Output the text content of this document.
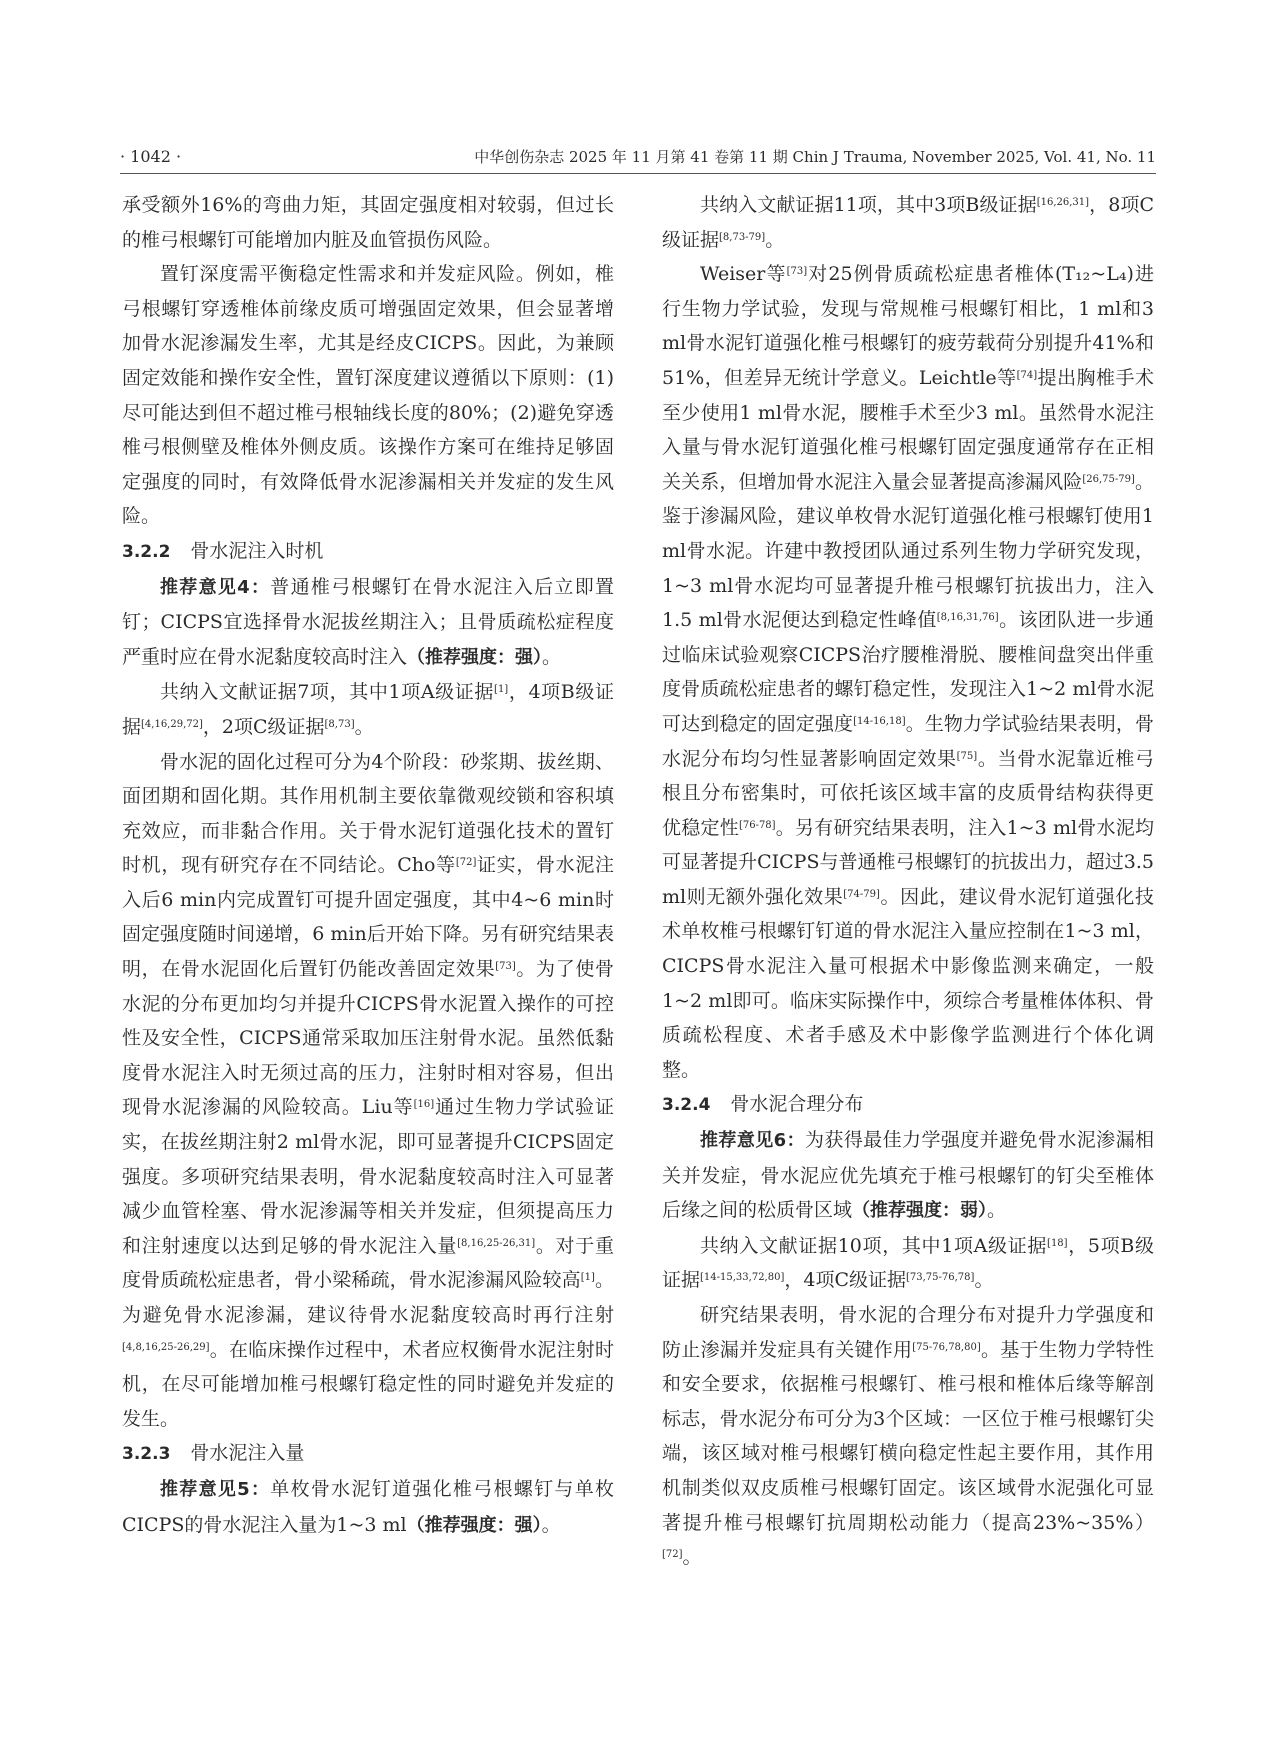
· 1042 ·	中华创伤杂志 2025 年 11 月第 41 卷第 11 期 Chin J Trauma, November 2025, Vol. 41, No. 11

承受额外16%的弯曲力矩，其固定强度相对较弱，但过长的椎弓根螺钉可能增加内脏及血管损伤风险。

置钉深度需平衡稳定性需求和并发症风险。例如，椎弓根螺钉穿透椎体前缘皮质可增强固定效果，但会显著增加骨水泥渗漏发生率，尤其是经皮CICPS。因此，为兼顾固定效能和操作安全性，置钉深度建议遵循以下原则：(1)尽可能达到但不超过椎弓根轴线长度的80%；(2)避免穿透椎弓根侧壁及椎体外侧皮质。该操作方案可在维持足够固定强度的同时，有效降低骨水泥渗漏相关并发症的发生风险。

3.2.2 骨水泥注入时机

推荐意见4：普通椎弓根螺钉在骨水泥注入后立即置钉；CICPS宜选择骨水泥拔丝期注入；且骨质疏松症程度严重时应在骨水泥黏度较高时注入（推荐强度：强）。

共纳入文献证据7项，其中1项A级证据[1]，4项B级证据[4,16,29,72]，2项C级证据[8,73]。

骨水泥的固化过程可分为4个阶段：砂浆期、拔丝期、面团期和固化期。其作用机制主要依靠微观绞锁和容积填充效应，而非黏合作用。关于骨水泥钉道强化技术的置钉时机，现有研究存在不同结论。Cho等[72]证实，骨水泥注入后6 min内完成置钉可提升固定强度，其中4~6 min时固定强度随时间递增，6 min后开始下降。另有研究结果表明，在骨水泥固化后置钉仍能改善固定效果[73]。为了使骨水泥的分布更加均匀并提升CICPS骨水泥置入操作的可控性及安全性，CICPS通常采取加压注射骨水泥。虽然低黏度骨水泥注入时无须过高的压力，注射时相对容易，但出现骨水泥渗漏的风险较高。Liu等[16]通过生物力学试验证实，在拔丝期注射2 ml骨水泥，即可显著提升CICPS固定强度。多项研究结果表明，骨水泥黏度较高时注入可显著减少血管栓塞、骨水泥渗漏等相关并发症，但须提高压力和注射速度以达到足够的骨水泥注入量[8,16,25-26,31]。对于重度骨质疏松症患者，骨小梁稀疏，骨水泥渗漏风险较高[1]。为避免骨水泥渗漏，建议待骨水泥黏度较高时再行注射[4,8,16,25-26,29]。在临床操作过程中，术者应权衡骨水泥注射时机，在尽可能增加椎弓根螺钉稳定性的同时避免并发症的发生。

3.2.3 骨水泥注入量

推荐意见5：单枚骨水泥钉道强化椎弓根螺钉与单枚CICPS的骨水泥注入量为1~3 ml（推荐强度：强）。

共纳入文献证据11项，其中3项B级证据[16,26,31]，8项C级证据[8,73-79]。

Weiser等[73]对25例骨质疏松症患者椎体(T₁₂~L₄)进行生物力学试验，发现与常规椎弓根螺钉相比，1 ml和3 ml骨水泥钉道强化椎弓根螺钉的疲劳载荷分别提升41%和51%，但差异无统计学意义。Leichtle等[74]提出胸椎手术至少使用1 ml骨水泥，腰椎手术至少3 ml。虽然骨水泥注入量与骨水泥钉道强化椎弓根螺钉固定强度通常存在正相关关系，但增加骨水泥注入量会显著提高渗漏风险[26,75-79]。鉴于渗漏风险，建议单枚骨水泥钉道强化椎弓根螺钉使用1 ml骨水泥。许建中教授团队通过系列生物力学研究发现，1~3 ml骨水泥均可显著提升椎弓根螺钉抗拔出力，注入1.5 ml骨水泥便达到稳定性峰值[8,16,31,76]。该团队进一步通过临床试验观察CICPS治疗腰椎滑脱、腰椎间盘突出伴重度骨质疏松症患者的螺钉稳定性，发现注入1~2 ml骨水泥可达到稳定的固定强度[14-16,18]。生物力学试验结果表明，骨水泥分布均匀性显著影响固定效果[75]。当骨水泥靠近椎弓根且分布密集时，可依托该区域丰富的皮质骨结构获得更优稳定性[76-78]。另有研究结果表明，注入1~3 ml骨水泥均可显著提升CICPS与普通椎弓根螺钉的抗拔出力，超过3.5 ml则无额外强化效果[74-79]。因此，建议骨水泥钉道强化技术单枚椎弓根螺钉钉道的骨水泥注入量应控制在1~3 ml，CICPS骨水泥注入量可根据术中影像监测来确定，一般1~2 ml即可。临床实际操作中，须综合考量椎体体积、骨质疏松程度、术者手感及术中影像学监测进行个体化调整。

3.2.4 骨水泥合理分布

推荐意见6：为获得最佳力学强度并避免骨水泥渗漏相关并发症，骨水泥应优先填充于椎弓根螺钉的钉尖至椎体后缘之间的松质骨区域（推荐强度：弱）。

共纳入文献证据10项，其中1项A级证据[18]，5项B级证据[14-15,33,72,80]，4项C级证据[73,75-76,78]。

研究结果表明，骨水泥的合理分布对提升力学强度和防止渗漏并发症具有关键作用[75-76,78,80]。基于生物力学特性和安全要求，依据椎弓根螺钉、椎弓根和椎体后缘等解剖标志，骨水泥分布可分为3个区域：一区位于椎弓根螺钉尖端，该区域对椎弓根螺钉横向稳定性起主要作用，其作用机制类似双皮质椎弓根螺钉固定。该区域骨水泥强化可显著提升椎弓根螺钉抗周期松动能力（提高23%~35%）[72]。
